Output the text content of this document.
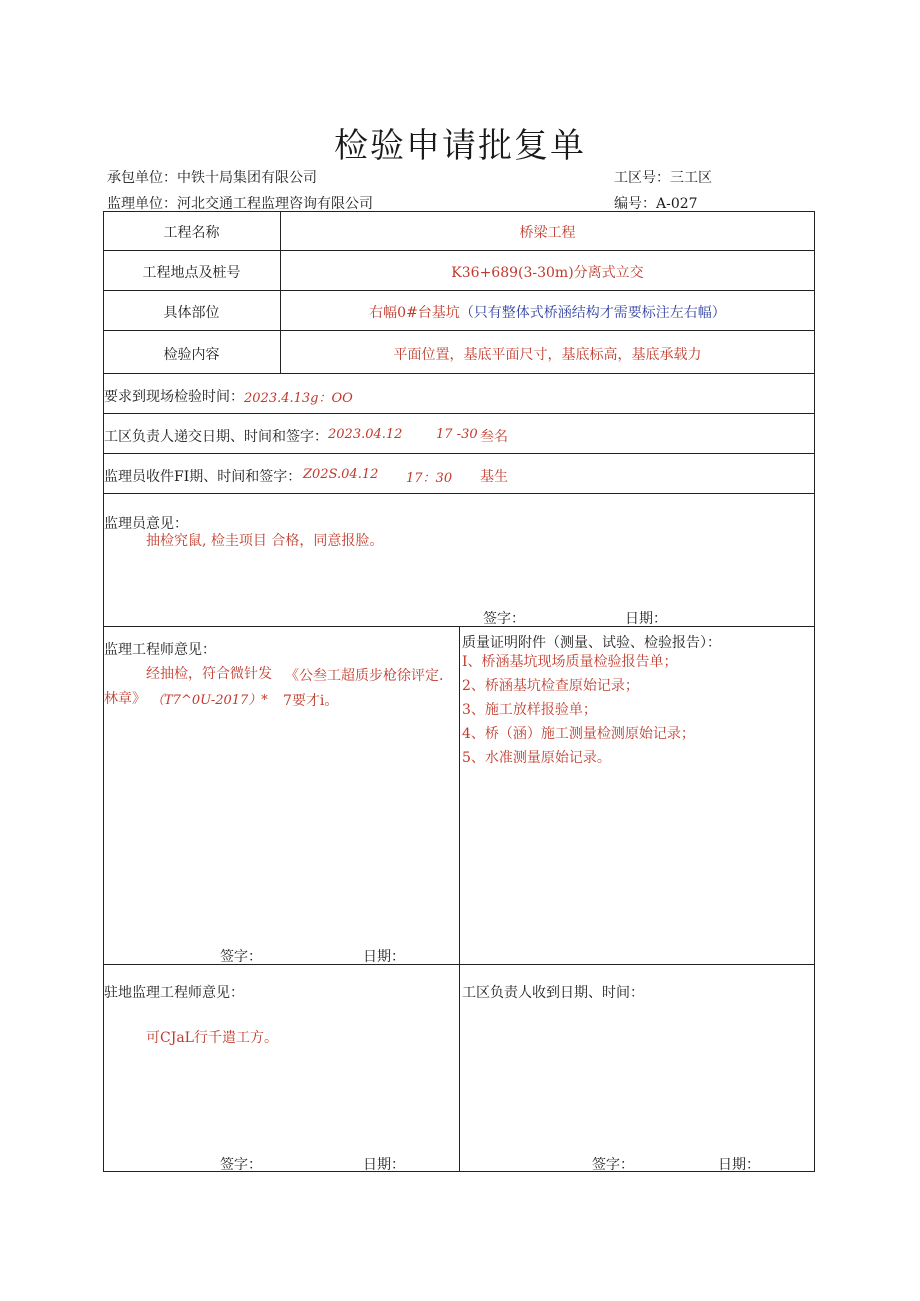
检验申请批复单
承包单位：中铁十局集团有限公司	工区号：三工区
监理单位：河北交通工程监理咨询有限公司	编号：A-027
工程名称	桥梁工程
工程地点及桩号	K36+689(3-30m)分离式立交
具体部位	右幅0#台基坑（只有整体式桥涵结构才需要标注左右幅）
检验内容	平面位置，基底平面尺寸，基底标高，基底承载力
要求到现场检验时间： 2023.4.13g：OO
工区负责人递交日期、时间和签字： 2023.04.12	17 -30 叁名
监理员收件FI期、时间和签字： Z02S.04.12 17：30 基生
监理员意见：
抽检究鼠, 检圭项目 合格，同意报脸。
签字：	日期：
监理工程师意见：
经抽检，符合微针发 《公叁工超质步枪徐评定.
林章》 （T7^0U-2017）* 7要才i。
签字：	日期：
质量证明附件（测量、试验、检验报告）：
I、桥涵基坑现场质量检验报告单；
2、桥涵基坑检查原始记录；
3、施工放样报验单；
4、桥（涵）施工测量检测原始记录；
5、水准测量原始记录。
驻地监理工程师意见：
可CJaL行千遣工方。
签字：	日期：
工区负责人收到日期、时间：
签字：	日期：
